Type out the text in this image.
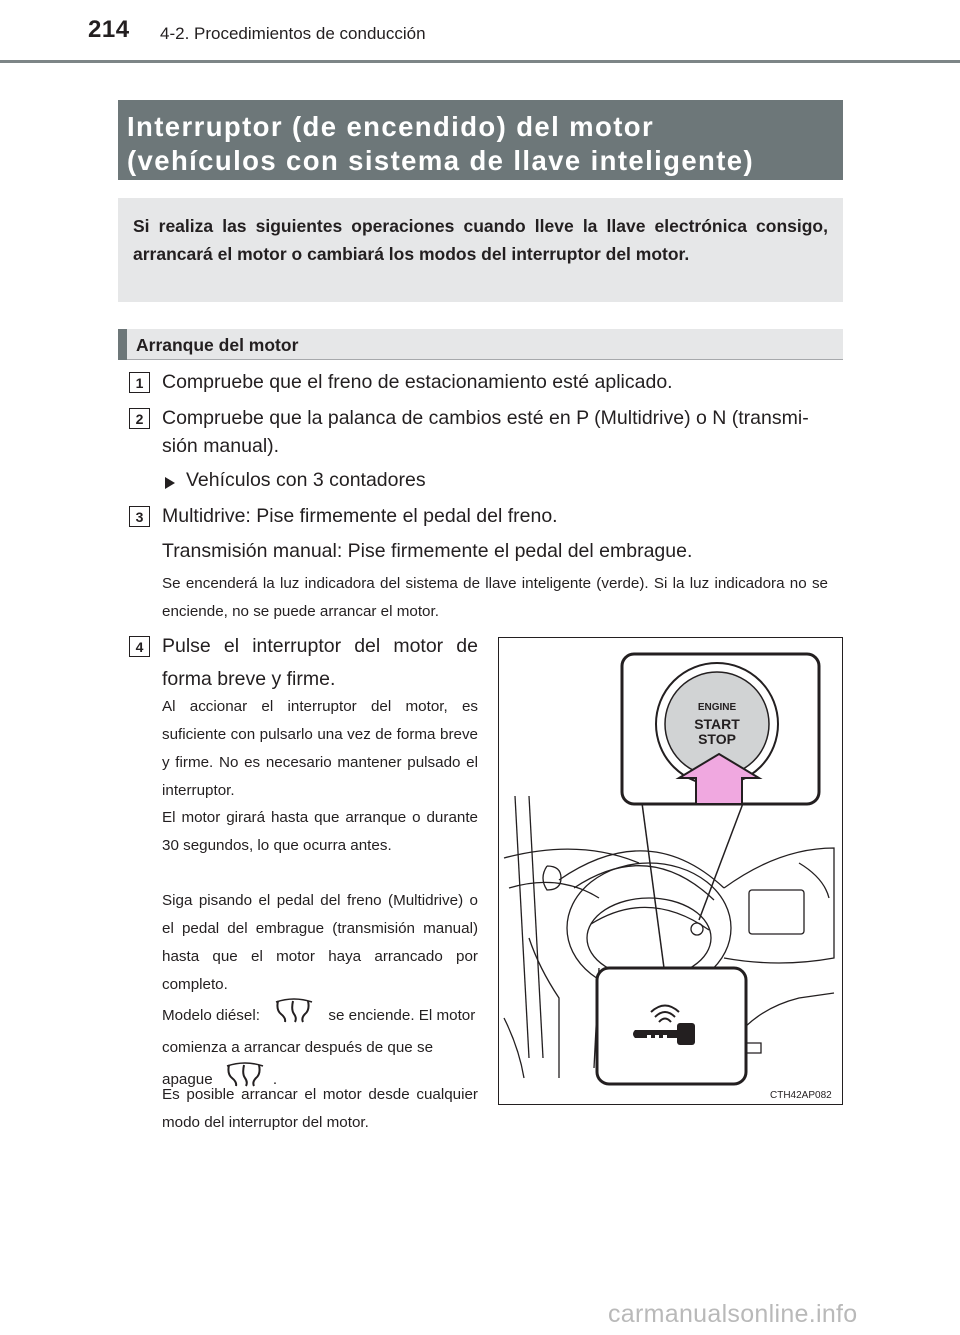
214 4-2. Procedimientos de conducción
Interruptor (de encendido) del motor
(vehículos con sistema de llave inteligente)
Si realiza las siguientes operaciones cuando lleve la llave electrónica consigo, arrancará el motor o cambiará los modos del interruptor del motor.
Arranque del motor
1 Compruebe que el freno de estacionamiento esté aplicado.
2 Compruebe que la palanca de cambios esté en P (Multidrive) o N (transmi-
sión manual).
Vehículos con 3 contadores
3 Multidrive: Pise firmemente el pedal del freno.
Transmisión manual: Pise firmemente el pedal del embrague.
Se encenderá la luz indicadora del sistema de llave inteligente (verde). Si la luz indicadora no se enciende, no se puede arrancar el motor.
4 Pulse el interruptor del motor de forma breve y firme.
Al accionar el interruptor del motor, es suficiente con pulsarlo una vez de forma breve y firme. No es necesario mantener pulsado el interruptor.
El motor girará hasta que arranque o durante 30 segundos, lo que ocurra antes.
Siga pisando el pedal del freno (Multidrive) o el pedal del embrague (transmisión manual) hasta que el motor haya arrancado por completo.
Modelo diésel:	se enciende. El motor comienza a arrancar después de que se apague	.
Es posible arrancar el motor desde cualquier modo del interruptor del motor.
ENGINE
START
STOP
CTH42AP082
carmanualsonline.info
